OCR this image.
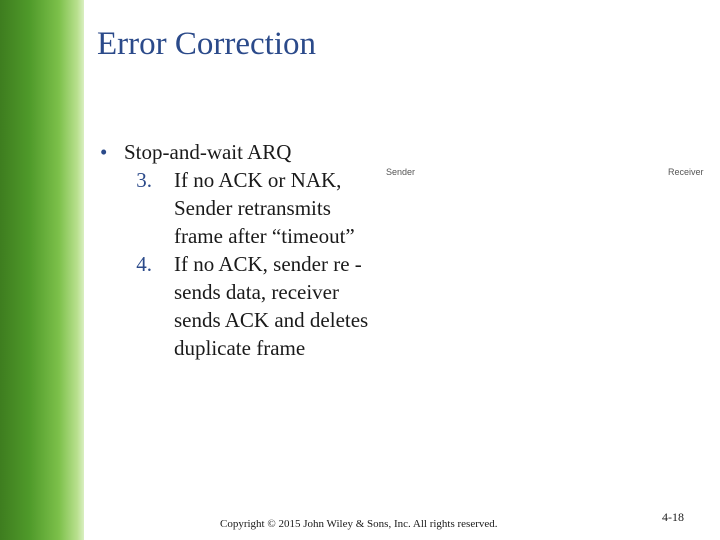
Error Correction
• Stop-and-wait ARQ
3.	If no ACK or NAK, Sender retransmits frame after “timeout”
4.	If no ACK, sender re -sends data, receiver sends ACK and deletes duplicate frame
Sender	Receiver
Copyright © 2015 John Wiley & Sons, Inc. All rights reserved.	4-18
